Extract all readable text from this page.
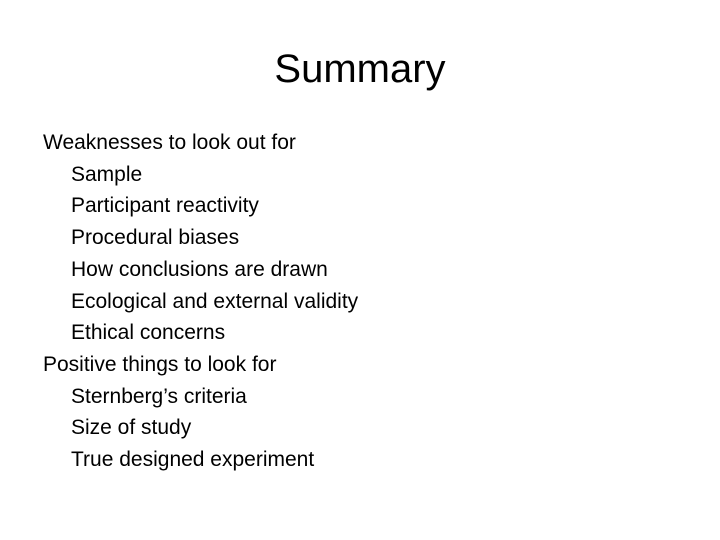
Summary
Weaknesses to look out for
Sample
Participant reactivity
Procedural biases
How conclusions are drawn
Ecological and external validity
Ethical concerns
Positive things to look for
Sternberg’s criteria
Size of study
True designed experiment
